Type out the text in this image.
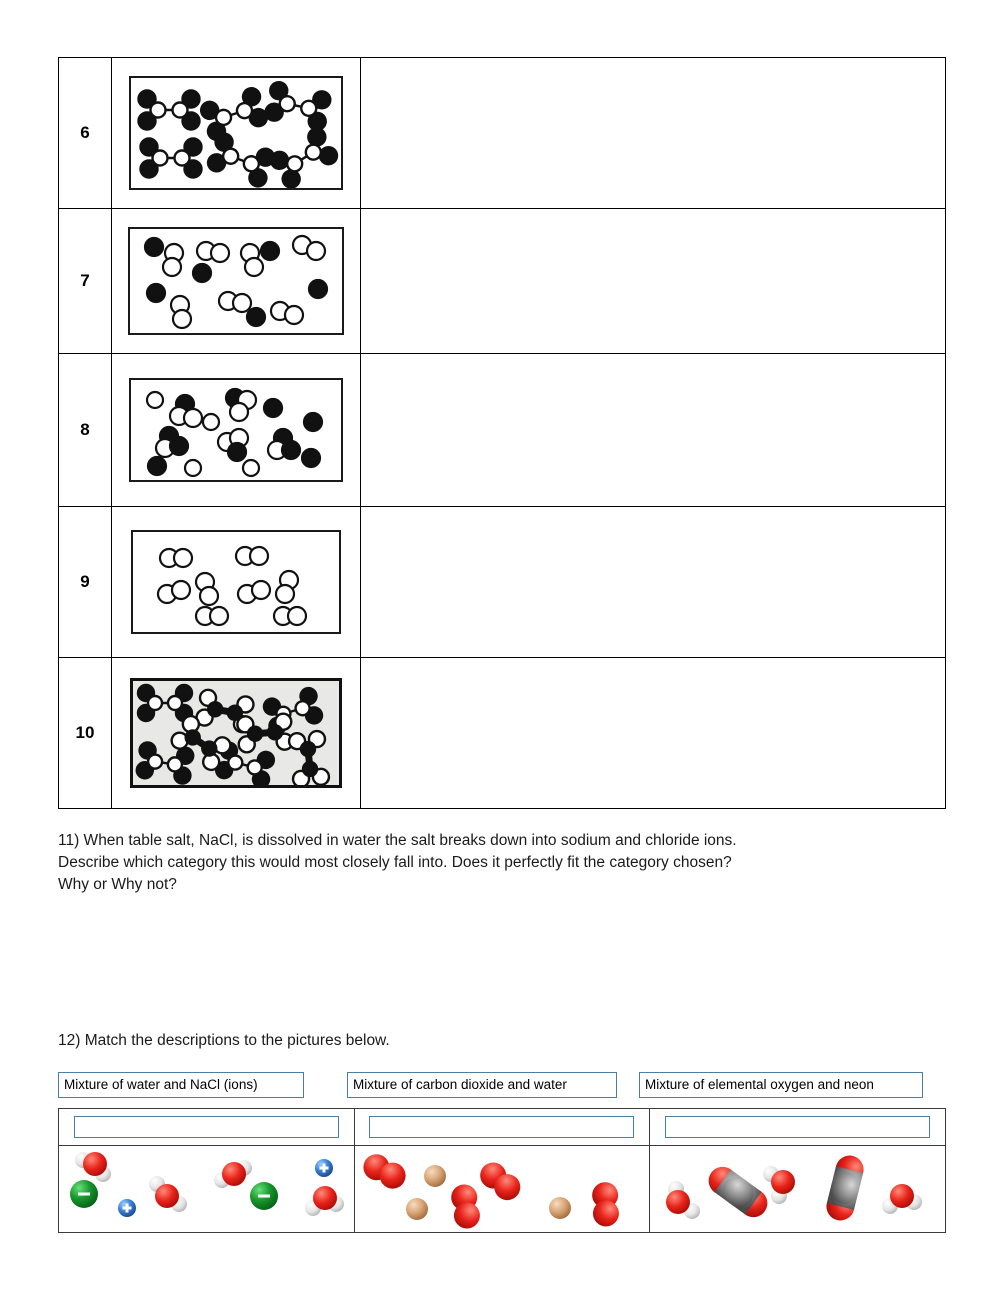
6	

7	

8	

9	

10	

11) When table salt, NaCl, is dissolved in water the salt breaks down into sodium and chloride ions.
Describe which category this would most closely fall into. Does it perfectly fit the category chosen?
Why or Why not?
12) Match the descriptions to the pictures below.
Mixture of water and NaCl (ions)	Mixture of carbon dioxide and water	Mixture of elemental oxygen and neon
